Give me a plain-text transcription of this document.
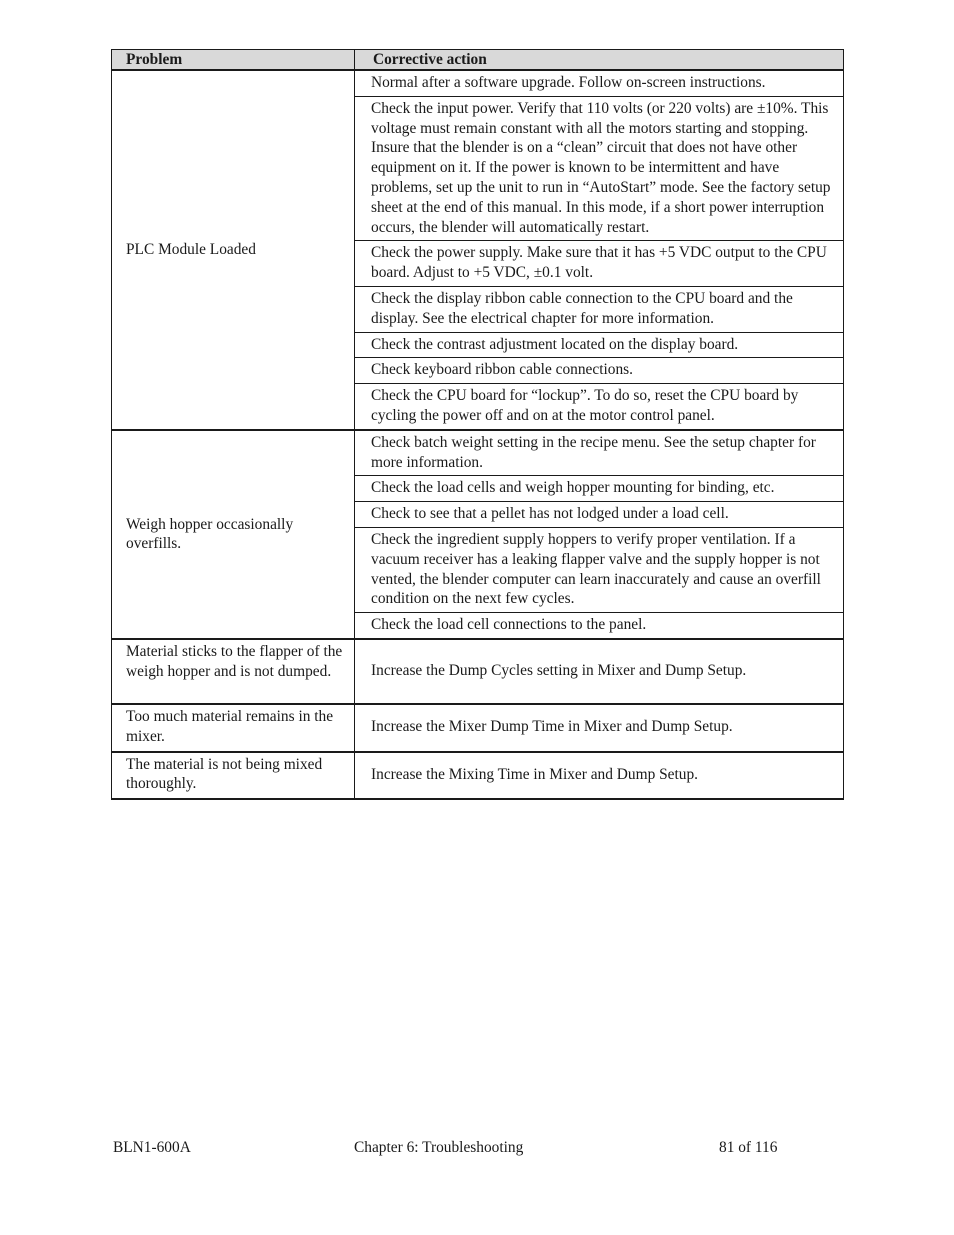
Problem	Corrective action
PLC Module Loaded	Normal after a software upgrade. Follow on-screen instructions.
	Check the input power. Verify that 110 volts (or 220 volts) are ±10%. This voltage must remain constant with all the motors starting and stopping. Insure that the blender is on a “clean” circuit that does not have other equipment on it. If the power is known to be intermittent and have problems, set up the unit to run in “AutoStart” mode. See the factory setup sheet at the end of this manual. In this mode, if a short power interruption occurs, the blender will automatically restart.
	Check the power supply. Make sure that it has +5 VDC output to the CPU board. Adjust to +5 VDC, ±0.1 volt.
	Check the display ribbon cable connection to the CPU board and the display. See the electrical chapter for more information.
	Check the contrast adjustment located on the display board.
	Check keyboard ribbon cable connections.
	Check the CPU board for “lockup”. To do so, reset the CPU board by cycling the power off and on at the motor control panel.
Weigh hopper occasionally overfills.	Check batch weight setting in the recipe menu. See the setup chapter for more information.
	Check the load cells and weigh hopper mounting for binding, etc.
	Check to see that a pellet has not lodged under a load cell.
	Check the ingredient supply hoppers to verify proper ventilation. If a vacuum receiver has a leaking flapper valve and the supply hopper is not vented, the blender computer can learn inaccurately and cause an overfill condition on the next few cycles.
	Check the load cell connections to the panel.
Material sticks to the flapper of the weigh hopper and is not dumped.	Increase the Dump Cycles setting in Mixer and Dump Setup.
Too much material remains in the mixer.	Increase the Mixer Dump Time in Mixer and Dump Setup.
The material is not being mixed thoroughly.	Increase the Mixing Time in Mixer and Dump Setup.
BLN1-600A	Chapter 6: Troubleshooting	81 of 116
